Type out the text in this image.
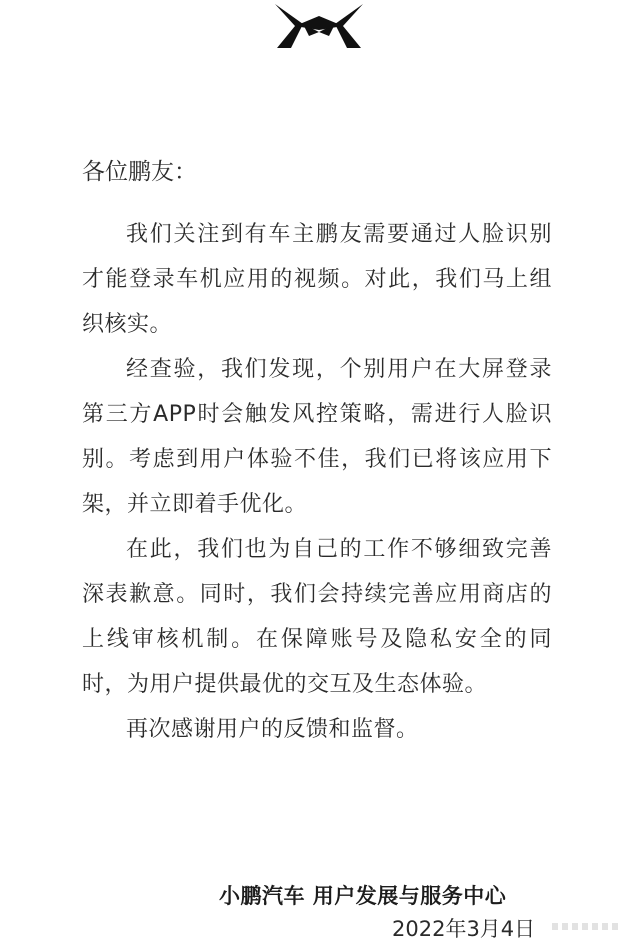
各位鹏友：

我们关注到有车主鹏友需要通过人脸识别才能登录车机应用的视频。对此，我们马上组织核实。

经查验，我们发现，个别用户在大屏登录第三方APP时会触发风控策略，需进行人脸识别。考虑到用户体验不佳，我们已将该应用下架，并立即着手优化。

在此，我们也为自己的工作不够细致完善深表歉意。同时，我们会持续完善应用商店的上线审核机制。在保障账号及隐私安全的同时，为用户提供最优的交互及生态体验。

再次感谢用户的反馈和监督。

小鹏汽车 用户发展与服务中心
2022年3月4日
